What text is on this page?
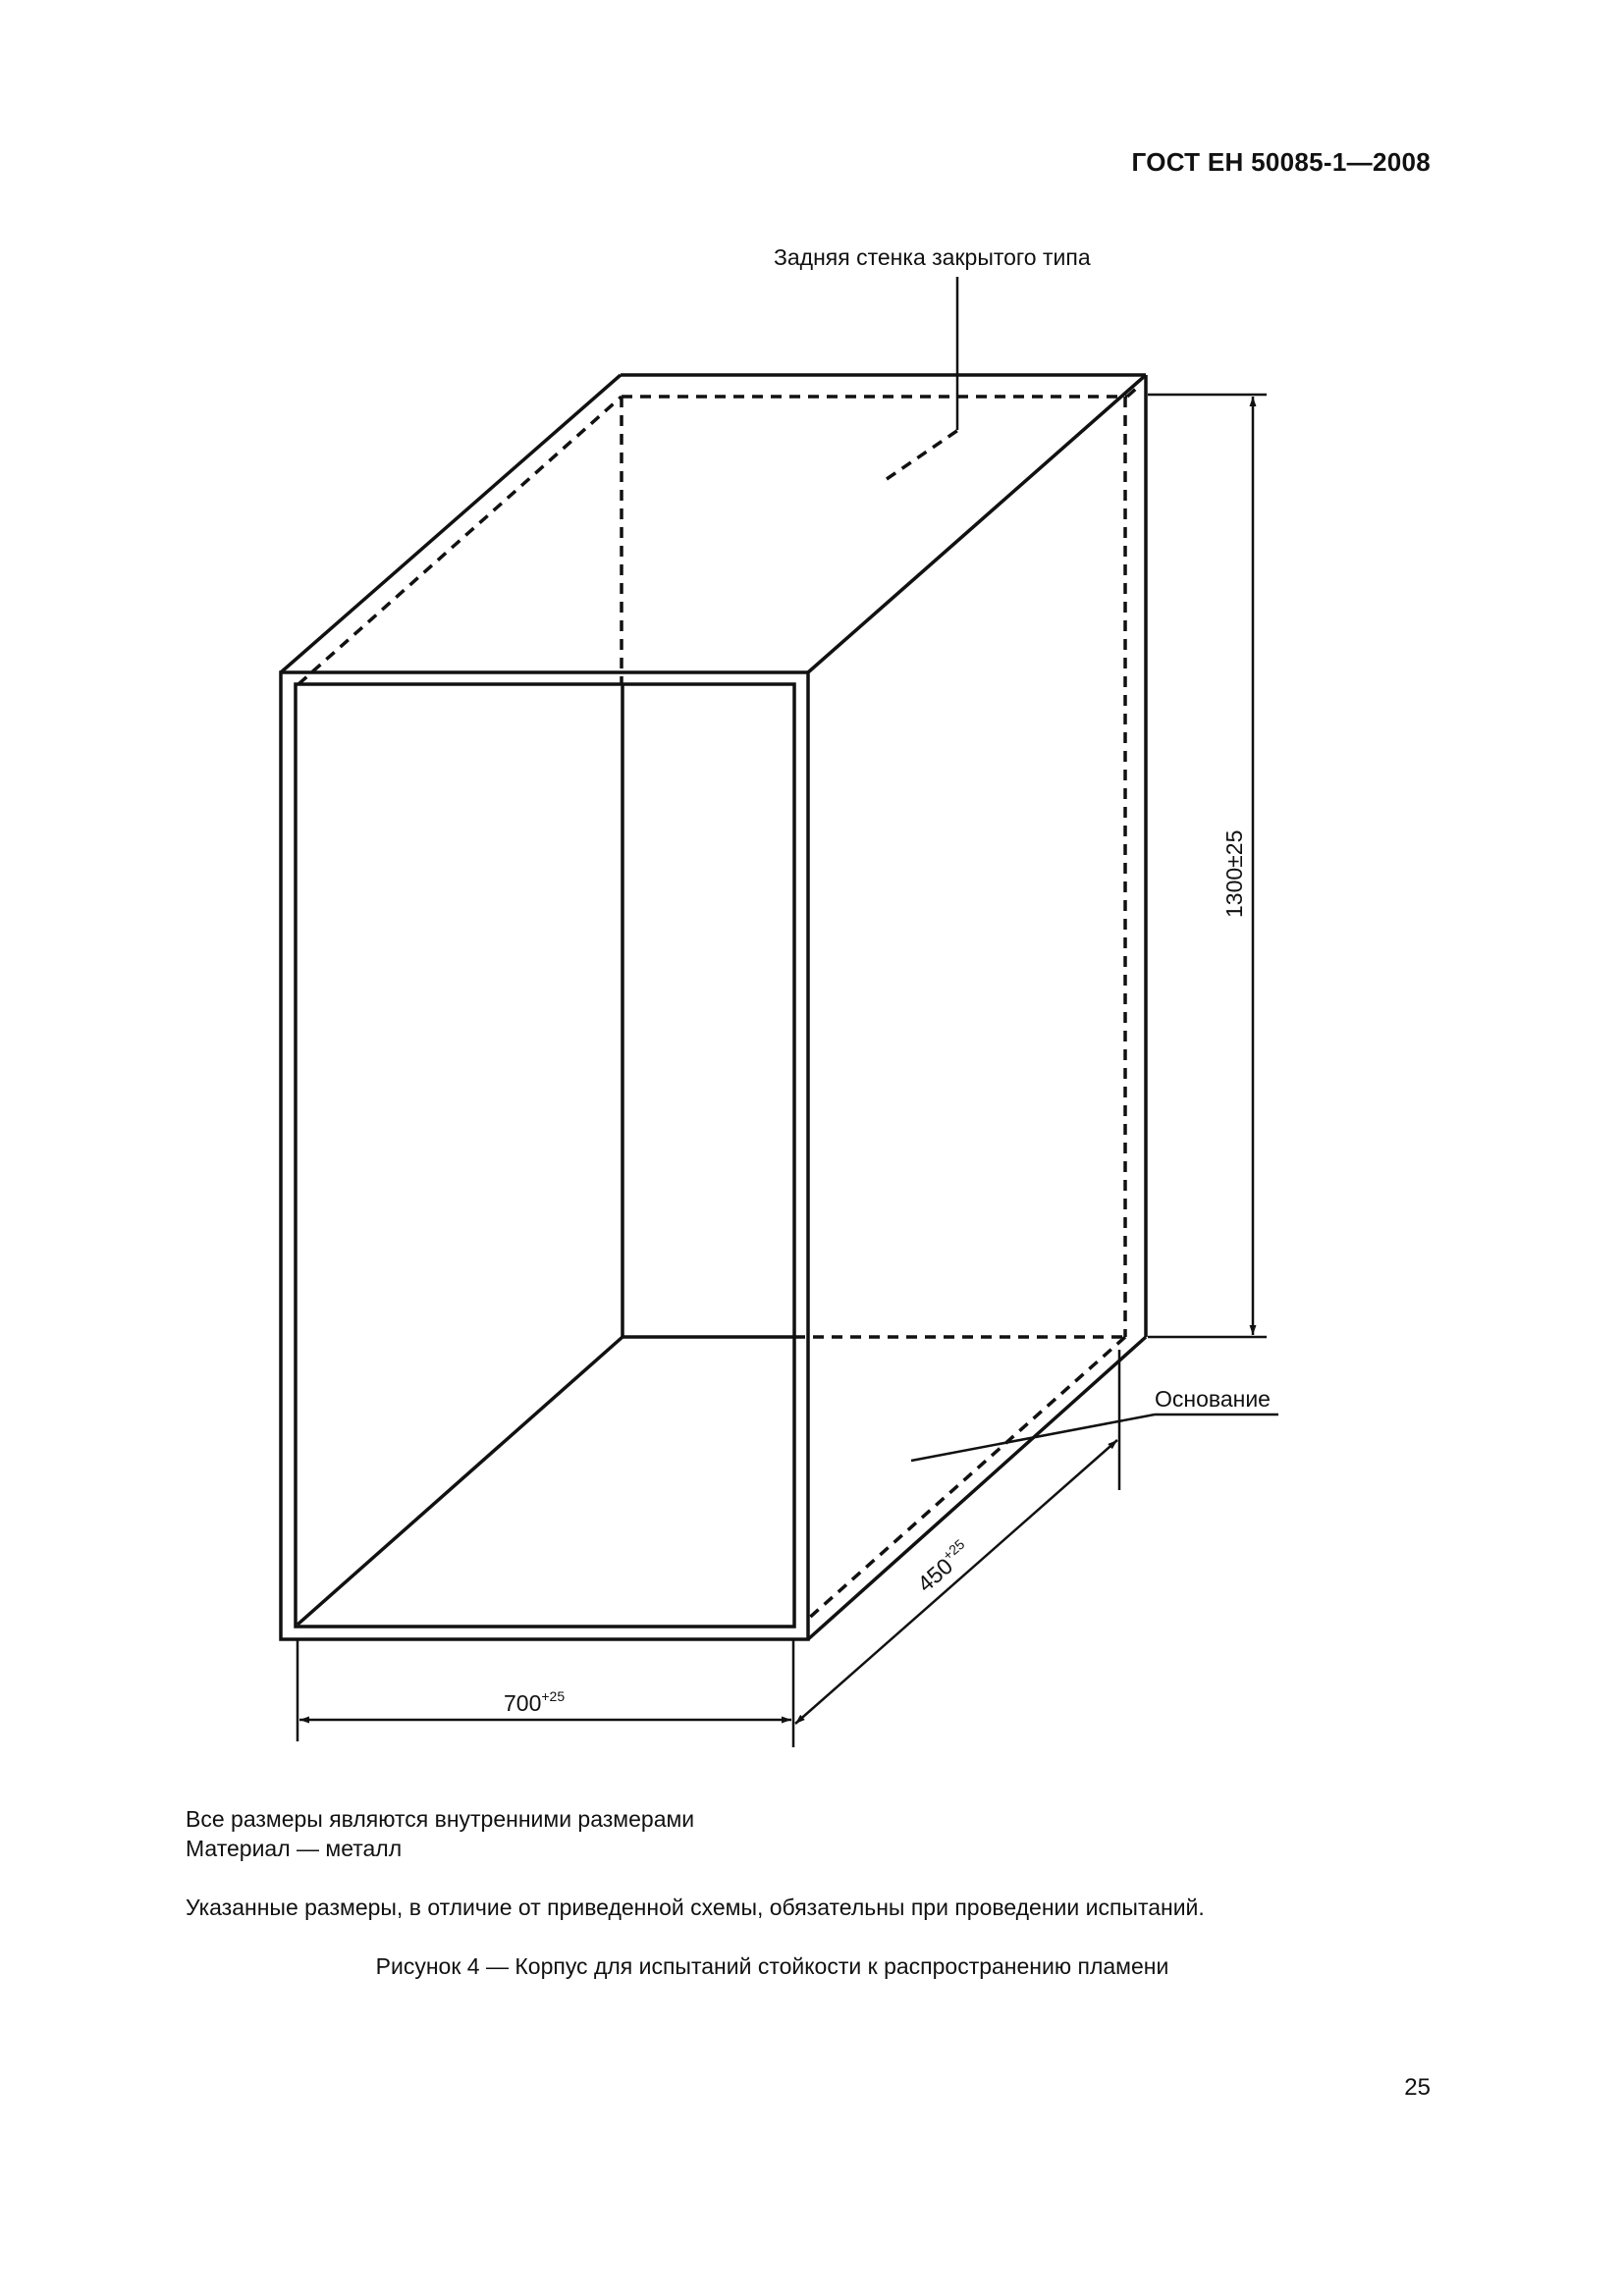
ГОСТ ЕН 50085-1—2008
Задняя стенка закрытого типа
1300±25
Основание
$700^{+25}$
$450^{+25}$
Все размеры являются внутренними размерами
Материал — металл
Указанные размеры, в отличие от приведенной схемы, обязательны при проведении испытаний.
Рисунок 4 — Корпус для испытаний стойкости к распространению пламени
25
